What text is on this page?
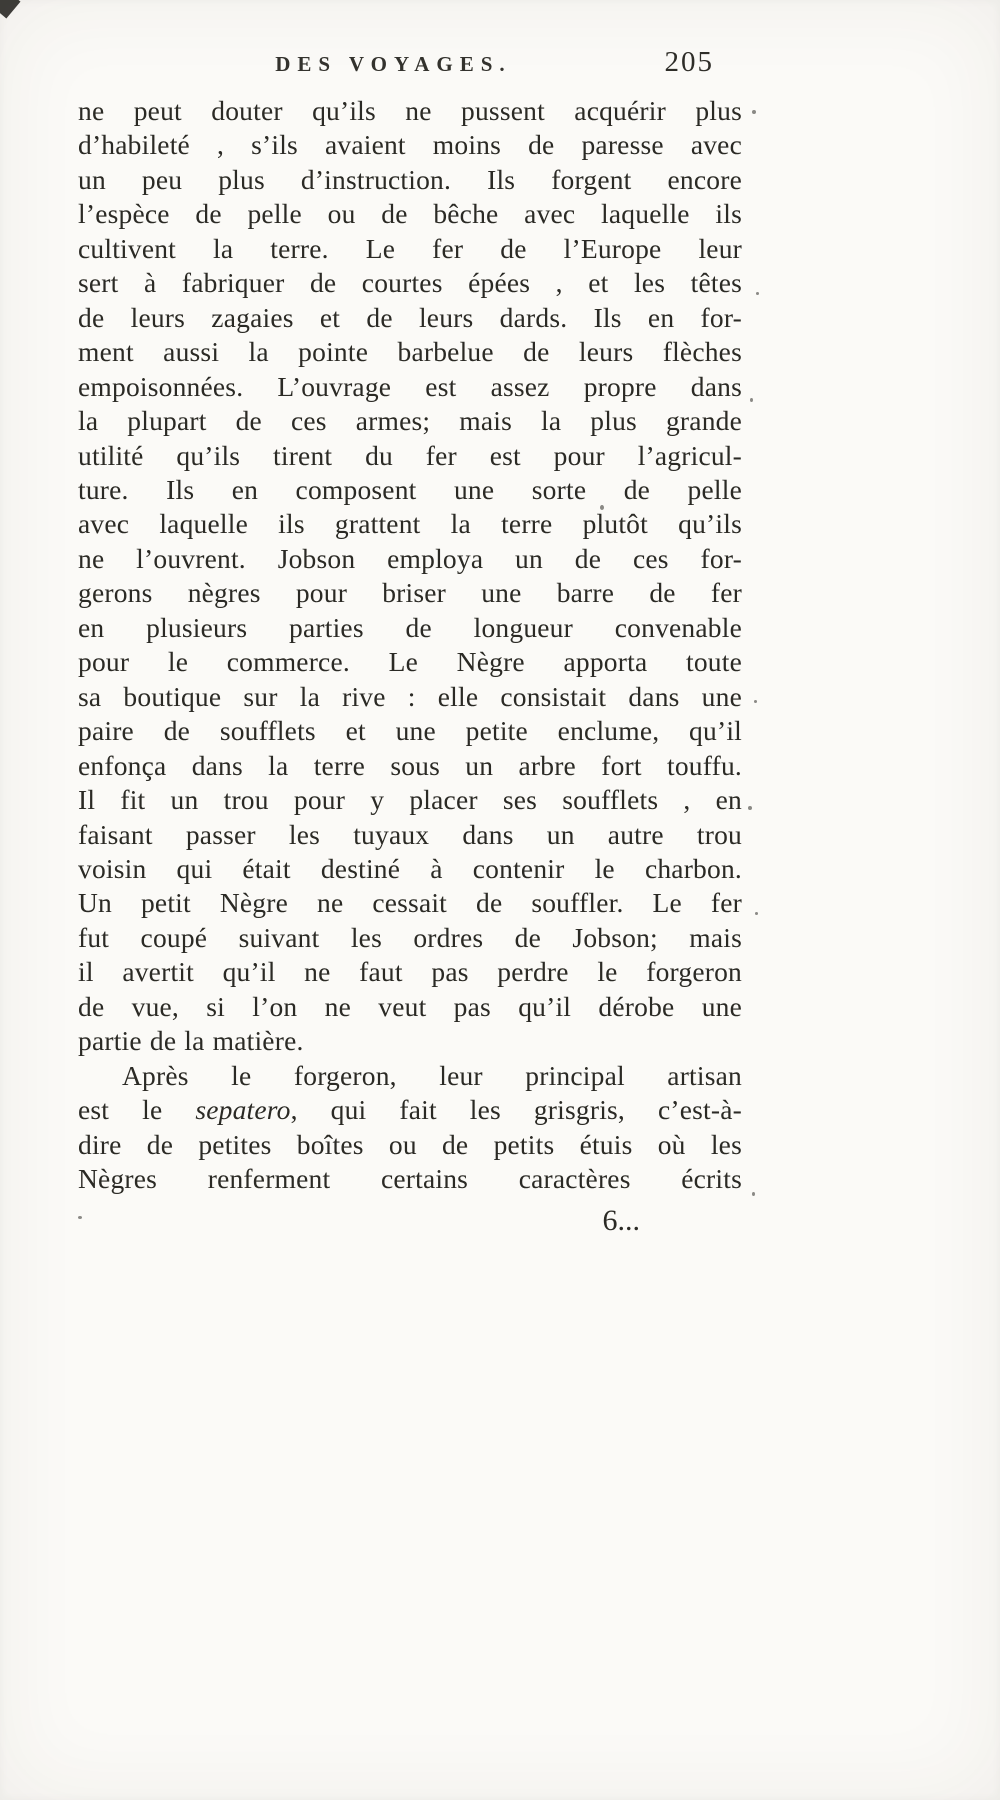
DES VOYAGES.	205
ne peut douter qu’ils ne pussent acquérir plus
d’habileté , s’ils avaient moins de paresse avec
un peu plus d’instruction. Ils forgent encore
l’espèce de pelle ou de bêche avec laquelle ils
cultivent la terre. Le fer de l’Europe leur
sert à fabriquer de courtes épées , et les têtes
de leurs zagaies et de leurs dards. Ils en for-
ment aussi la pointe barbelue de leurs flèches
empoisonnées. L’ouvrage est assez propre dans
la plupart de ces armes; mais la plus grande
utilité qu’ils tirent du fer est pour l’agricul-
ture. Ils en composent une sorte de pelle
avec laquelle ils grattent la terre plutôt qu’ils
ne l’ouvrent. Jobson employa un de ces for-
gerons nègres pour briser une barre de fer
en plusieurs parties de longueur convenable
pour le commerce. Le Nègre apporta toute
sa boutique sur la rive : elle consistait dans une
paire de soufflets et une petite enclume, qu’il
enfonça dans la terre sous un arbre fort touffu.
Il fit un trou pour y placer ses soufflets , en
faisant passer les tuyaux dans un autre trou
voisin qui était destiné à contenir le charbon.
Un petit Nègre ne cessait de souffler. Le fer
fut coupé suivant les ordres de Jobson; mais
il avertit qu’il ne faut pas perdre le forgeron
de vue, si l’on ne veut pas qu’il dérobe une
partie de la matière.
Après le forgeron, leur principal artisan
est le sepatero, qui fait les grisgris, c’est-à-
dire de petites boîtes ou de petits étuis où les
Nègres renferment certains caractères écrits
6...
